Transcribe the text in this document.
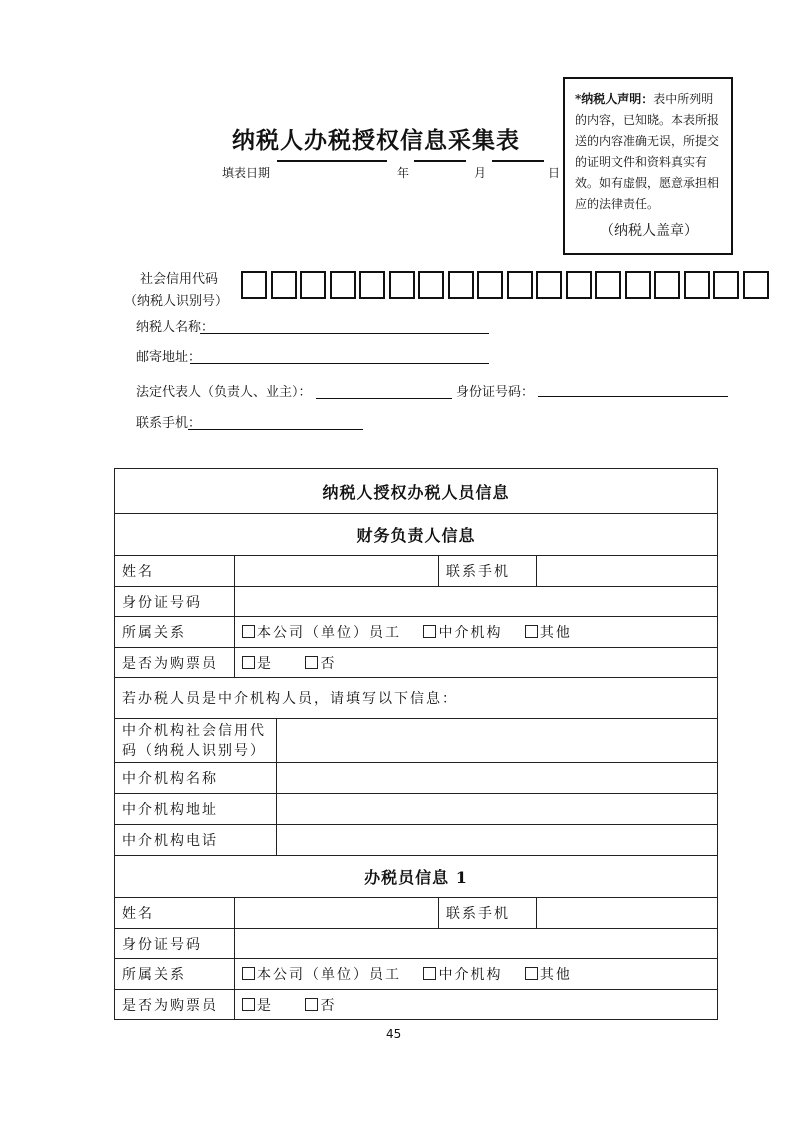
纳税人办税授权信息采集表
填表日期	年	月	日
*纳税人声明：表中所列明的内容，已知晓。本表所报送的内容准确无误，所提交的证明文件和资料真实有效。如有虚假，愿意承担相应的法律责任。
（纳税人盖章）
社会信用代码
（纳税人识别号）
纳税人名称：
邮寄地址：
法定代表人（负责人、业主）：	身份证号码：
联系手机：
纳税人授权办税人员信息				
财务负责人信息				
姓名			联系手机	
身份证号码				
所属关系	本公司（单位）员工 中介机构 其他			
是否为购票员	是 否			
若办税人员是中介机构人员，请填写以下信息：				
中介机构社会信用代码（纳税人识别号）				
中介机构名称				
中介机构地址				
中介机构电话				
办税员信息 1				
姓名			联系手机	
身份证号码				
所属关系	本公司（单位）员工 中介机构 其他			
是否为购票员	是 否			
45
